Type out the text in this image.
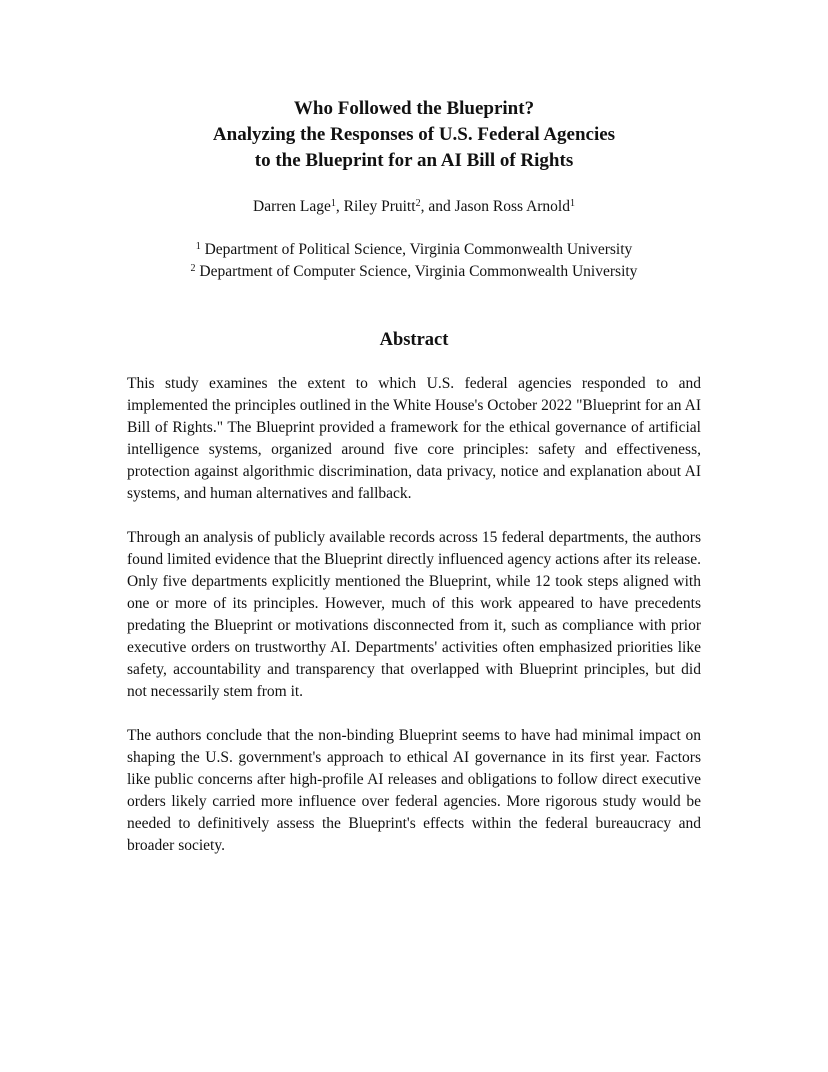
Who Followed the Blueprint?
Analyzing the Responses of U.S. Federal Agencies
to the Blueprint for an AI Bill of Rights
Darren Lage$^1$, Riley Pruitt$^2$, and Jason Ross Arnold$^1$
$^1$ Department of Political Science, Virginia Commonwealth University
$^2$ Department of Computer Science, Virginia Commonwealth University
Abstract

This study examines the extent to which U.S. federal agencies responded to and implemented the principles outlined in the White House's October 2022 "Blueprint for an AI Bill of Rights." The Blueprint provided a framework for the ethical governance of artificial intelligence systems, organized around five core principles: safety and effectiveness, protection against algorithmic discrimination, data privacy, notice and explanation about AI systems, and human alternatives and fallback.

Through an analysis of publicly available records across 15 federal departments, the authors found limited evidence that the Blueprint directly influenced agency actions after its release. Only five departments explicitly mentioned the Blueprint, while 12 took steps aligned with one or more of its principles. However, much of this work appeared to have precedents predating the Blueprint or motivations disconnected from it, such as compliance with prior executive orders on trustworthy AI. Departments' activities often emphasized priorities like safety, accountability and transparency that overlapped with Blueprint principles, but did not necessarily stem from it.

The authors conclude that the non-binding Blueprint seems to have had minimal impact on shaping the U.S. government's approach to ethical AI governance in its first year. Factors like public concerns after high-profile AI releases and obligations to follow direct executive orders likely carried more influence over federal agencies. More rigorous study would be needed to definitively assess the Blueprint's effects within the federal bureaucracy and broader society.
